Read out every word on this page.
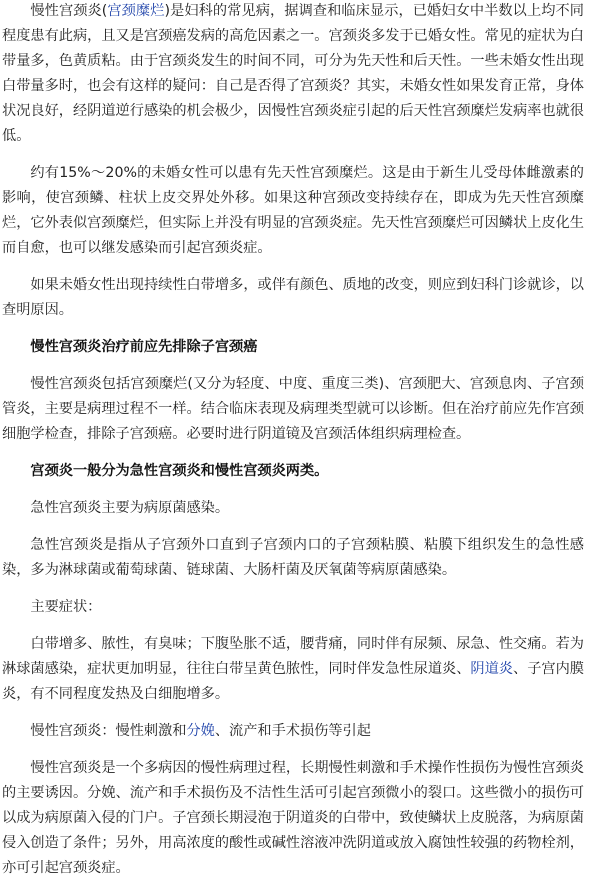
慢性宫颈炎(宫颈糜烂)是妇科的常见病，据调查和临床显示，已婚妇女中半数以上均不同程度患有此病，且又是宫颈癌发病的高危因素之一。宫颈炎多发于已婚女性。常见的症状为白带量多，色黄质粘。由于宫颈炎发生的时间不同，可分为先天性和后天性。一些未婚女性出现白带量多时，也会有这样的疑问：自己是否得了宫颈炎？其实，未婚女性如果发育正常，身体状况良好，经阴道逆行感染的机会极少，因慢性宫颈炎症引起的后天性宫颈糜烂发病率也就很低。

约有15%～20%的未婚女性可以患有先天性宫颈糜烂。这是由于新生儿受母体雌激素的影响，使宫颈鳞、柱状上皮交界处外移。如果这种宫颈改变持续存在，即成为先天性宫颈糜烂，它外表似宫颈糜烂，但实际上并没有明显的宫颈炎症。先天性宫颈糜烂可因鳞状上皮化生而自愈，也可以继发感染而引起宫颈炎症。

如果未婚女性出现持续性白带增多，或伴有颜色、质地的改变，则应到妇科门诊就诊，以查明原因。

慢性宫颈炎治疗前应先排除子宫颈癌

慢性宫颈炎包括宫颈糜烂(又分为轻度、中度、重度三类)、宫颈肥大、宫颈息肉、子宫颈管炎，主要是病理过程不一样。结合临床表现及病理类型就可以诊断。但在治疗前应先作宫颈细胞学检查，排除子宫颈癌。必要时进行阴道镜及宫颈活体组织病理检查。

宫颈炎一般分为急性宫颈炎和慢性宫颈炎两类。

急性宫颈炎主要为病原菌感染。

急性宫颈炎是指从子宫颈外口直到子宫颈内口的子宫颈粘膜、粘膜下组织发生的急性感染，多为淋球菌或葡萄球菌、链球菌、大肠杆菌及厌氧菌等病原菌感染。

主要症状：

白带增多、脓性，有臭味；下腹坠胀不适，腰背痛，同时伴有尿频、尿急、性交痛。若为淋球菌感染，症状更加明显，往往白带呈黄色脓性，同时伴发急性尿道炎、阴道炎、子宫内膜炎，有不同程度发热及白细胞增多。

慢性宫颈炎：慢性刺激和分娩、流产和手术损伤等引起

慢性宫颈炎是一个多病因的慢性病理过程，长期慢性刺激和手术操作性损伤为慢性宫颈炎的主要诱因。分娩、流产和手术损伤及不洁性生活可引起宫颈微小的裂口。这些微小的损伤可以成为病原菌入侵的门户。子宫颈长期浸泡于阴道炎的白带中，致使鳞状上皮脱落，为病原菌侵入创造了条件；另外，用高浓度的酸性或碱性溶液冲洗阴道或放入腐蚀性较强的药物栓剂，亦可引起宫颈炎症。
